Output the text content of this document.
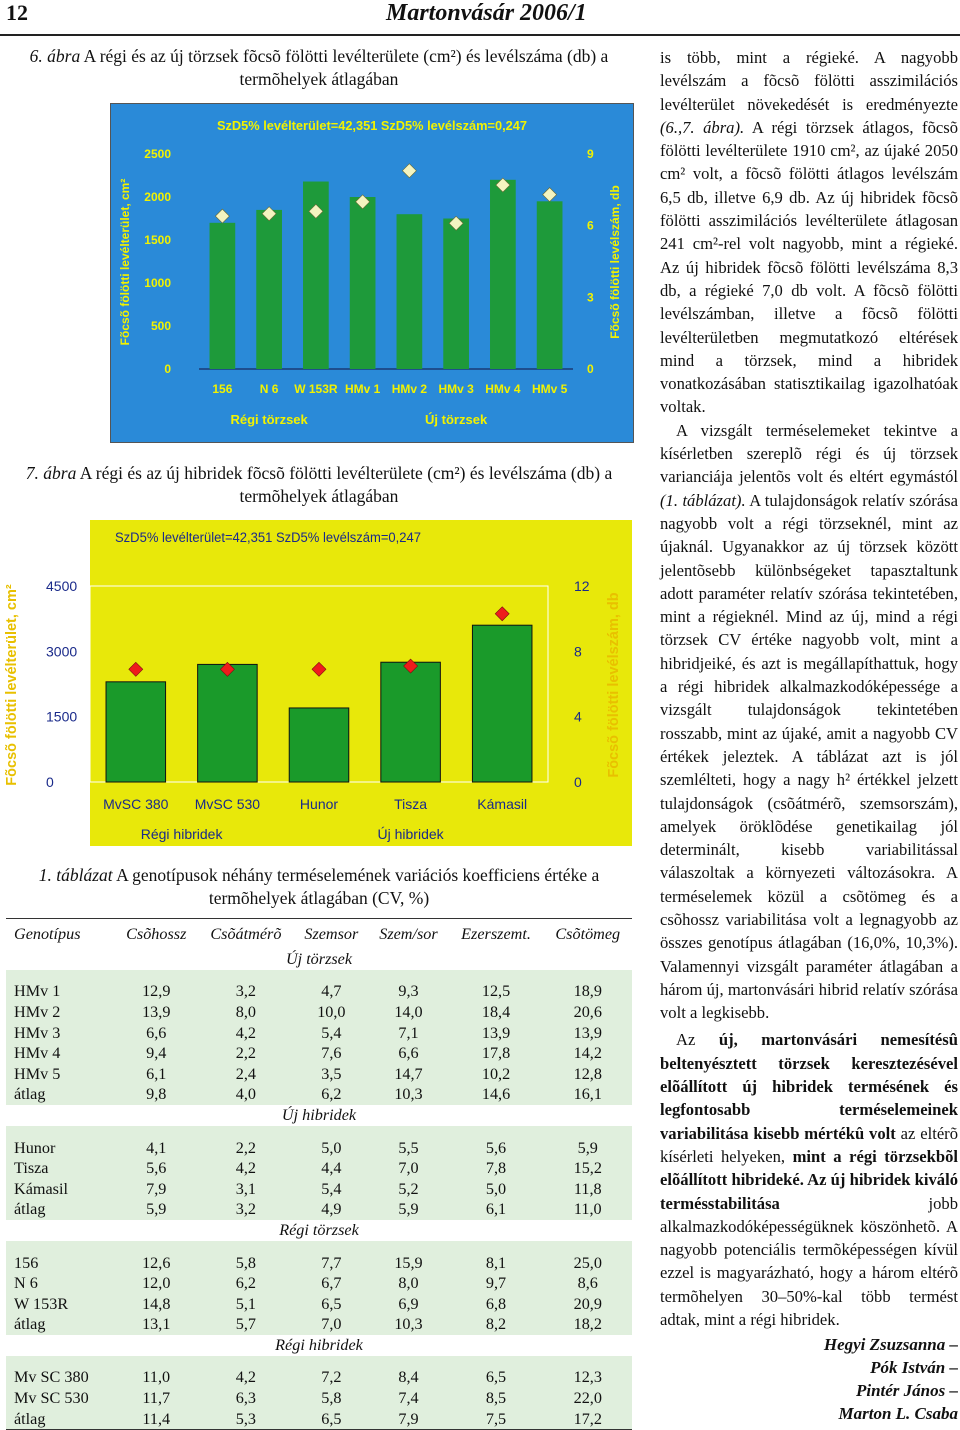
12	Martonvásár 2006/1
6. ábra A régi és az új törzsek fõcsõ fölötti levélterülete (cm²) és levélszáma (db) a termõhelyek átlagában
SzD5% levélterület=42,351 SzD5% levélszám=0,247
Fõcsõ fölötti levélterület, cm²	Fõcsõ fölötti levélszám, db
0
500
1000
1500
2000
2500
0
3
6
9
156 N 6 W 153R HMv 1 HMv 2 HMv 3 HMv 4 HMv 5
Régi törzsek	Új törzsek
7. ábra A régi és az új hibridek fõcsõ fölötti levélterülete (cm²) és levélszáma (db) a termõhelyek átlagában
SzD5% levélterület=42,351 SzD5% levélszám=0,247
0
1500
3000
4500
0
4
8
12
MvSC 380 MvSC 530	Hunor	Tisza	Kámasil
Régi hibridek	Új hibridek
Fõcsõ fölötti levélterület, cm²	Fõcsõ fölötti levélszám, db
1. táblázat A genotípusok néhány terméselemének variációs koefficiens értéke a termõhelyek átlagában (CV, %)
Genotípus	Csõhossz	Csõátmérõ	Szemsor	Szem/sor	Ezerszemt.	Csõtömeg
Új törzsek						

HMv 1	12,9	3,2	4,7	9,3	12,5	18,9
HMv 2	13,9	8,0	10,0	14,0	18,4	20,6
HMv 3	6,6	4,2	5,4	7,1	13,9	13,9
HMv 4	9,4	2,2	7,6	6,6	17,8	14,2
HMv 5	6,1	2,4	3,5	14,7	10,2	12,8
átlag	9,8	4,0	6,2	10,3	14,6	16,1
Új hibridek						

Hunor	4,1	2,2	5,0	5,5	5,6	5,9
Tisza	5,6	4,2	4,4	7,0	7,8	15,2
Kámasil	7,9	3,1	5,4	5,2	5,0	11,8
átlag	5,9	3,2	4,9	5,9	6,1	11,0
Régi törzsek						

156	12,6	5,8	7,7	15,9	8,1	25,0
N 6	12,0	6,2	6,7	8,0	9,7	8,6
W 153R	14,8	5,1	6,5	6,9	6,8	20,9
átlag	13,1	5,7	7,0	10,3	8,2	18,2
Régi hibridek						

Mv SC 380	11,0	4,2	7,2	8,4	6,5	12,3
Mv SC 530	11,7	6,3	5,8	7,4	8,5	22,0
átlag	11,4	5,3	6,5	7,9	7,5	17,2

is több, mint a régieké. A nagyobb levélszám a fõcsõ fölötti asszimilációs levélterület növekedését is eredményezte (6.,7. ábra). A régi törzsek átlagos, fõcsõ fölötti levélterülete 1910 cm², az újaké 2050 cm² volt, a fõcsõ fölötti átlagos levélszám 6,5 db, illetve 6,9 db. Az új hibridek fõcsõ fölötti asszimilációs levélterülete átlagosan 241 cm²-rel volt nagyobb, mint a régieké. Az új hibridek fõcsõ fölötti levélszáma 8,3 db, a régieké 7,0 db volt. A fõcsõ fölötti levélszámban, illetve a fõcsõ fölötti levélterületben megmutatkozó eltérések mind a törzsek, mind a hibridek vonatkozásában statisztikailag igazolhatóak voltak.

A vizsgált terméselemeket tekintve a kísérletben szereplõ régi és új törzsek varianciája jelentõs volt és eltért egymástól (1. táblázat). A tulajdonságok relatív szórása nagyobb volt a régi törzseknél, mint az újaknál. Ugyanakkor az új törzsek között jelentõsebb különbségeket tapasztaltunk adott paraméter relatív szórása tekintetében, mint a régieknél. Mind az új, mind a régi törzsek CV értéke nagyobb volt, mint a hibridjeiké, és azt is megállapíthattuk, hogy a régi hibridek alkalmazkodóképessége a vizsgált tulajdonságok tekintetében rosszabb, mint az újaké, amit a nagyobb CV értékek jeleztek. A táblázat azt is jól szemlélteti, hogy a nagy h² értékkel jelzett tulajdonságok (csõátmérõ, szemsorszám), amelyek öröklõdése genetikailag jól determinált, kisebb variabilitással válaszoltak a környezeti változásokra. A terméselemek közül a csõtömeg és a csõhossz variabilitása volt a legnagyobb az összes genotípus átlagában (16,0%, 10,3%). Valamennyi vizsgált paraméter átlagában a három új, martonvásári hibrid relatív szórása volt a legkisebb.

Az új, martonvásári nemesítésû beltenyésztett törzsek keresztezésével elõállított új hibridek termésének és legfontosabb terméselemeinek variabilitása kisebb mértékû volt az eltérõ kísérleti helyeken, mint a régi törzsekbõl elõállított hibrideké. Az új hibridek kiváló termésstabilitása	jobb alkalmazkodóképességüknek köszönhetõ. A nagyobb potenciális termõképességen kívül ezzel is magyarázható, hogy a három eltérõ termõhelyen 30–50%-kal több termést adtak, mint a régi hibridek.

Hegyi Zsuzsanna –
Pók István –
Pintér János –
Marton L. Csaba
